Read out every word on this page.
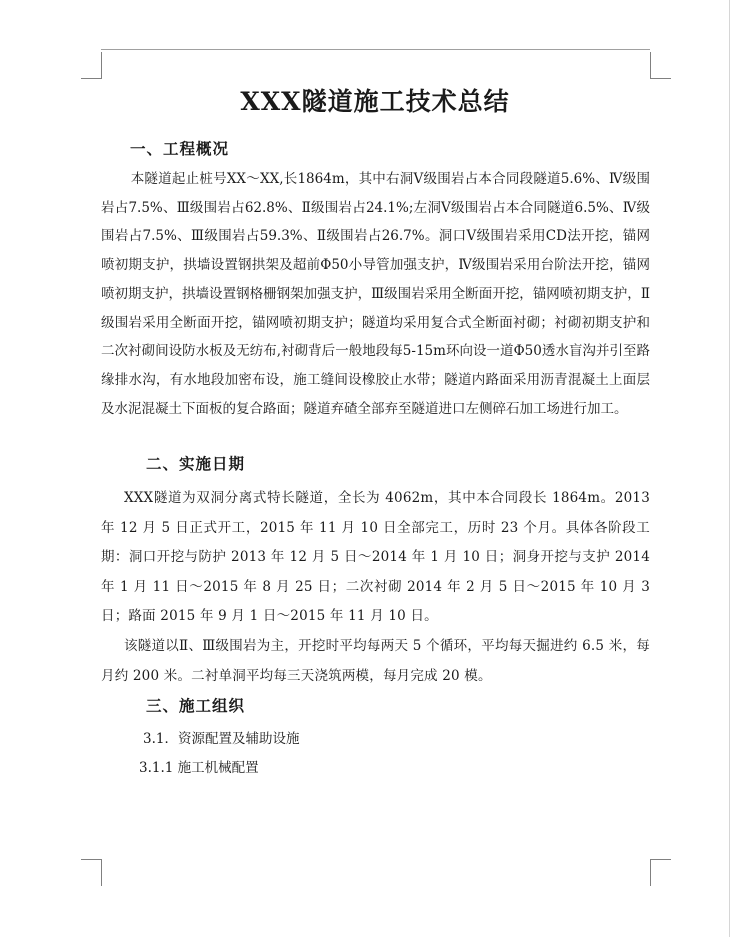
XXX隧道施工技术总结
一、工程概况

本隧道起止桩号XX～XX,长1864m，其中右洞Ⅴ级围岩占本合同段隧道5.6%、Ⅳ级围岩占7.5%、Ⅲ级围岩占62.8%、Ⅱ级围岩占24.1%;左洞Ⅴ级围岩占本合同隧道6.5%、Ⅳ级围岩占7.5%、Ⅲ级围岩占59.3%、Ⅱ级围岩占26.7%。洞口Ⅴ级围岩采用CD法开挖，锚网喷初期支护，拱墙设置钢拱架及超前Φ50小导管加强支护，Ⅳ级围岩采用台阶法开挖，锚网喷初期支护，拱墙设置钢格栅钢架加强支护，Ⅲ级围岩采用全断面开挖，锚网喷初期支护，Ⅱ级围岩采用全断面开挖，锚网喷初期支护；隧道均采用复合式全断面衬砌；衬砌初期支护和二次衬砌间设防水板及无纺布,衬砌背后一般地段每5-15m环向设一道Φ50透水盲沟并引至路缘排水沟，有水地段加密布设，施工缝间设橡胶止水带；隧道内路面采用沥青混凝土上面层及水泥混凝土下面板的复合路面；隧道弃碴全部弃至隧道进口左侧碎石加工场进行加工。

二、实施日期

XXX隧道为双洞分离式特长隧道，全长为 4062m，其中本合同段长 1864m。2013 年 12 月 5 日正式开工，2015 年 11 月 10 日全部完工，历时 23 个月。具体各阶段工期：洞口开挖与防护 2013 年 12 月 5 日～2014 年 1 月 10 日；洞身开挖与支护 2014 年 1 月 11 日～2015 年 8 月 25 日；二次衬砌 2014 年 2 月 5 日～2015 年 10 月 3 日；路面 2015 年 9 月 1 日～2015 年 11 月 10 日。

该隧道以Ⅱ、Ⅲ级围岩为主，开挖时平均每两天 5 个循环，平均每天掘进约 6.5 米，每月约 200 米。二衬单洞平均每三天浇筑两模，每月完成 20 模。

三、施工组织
3.1．资源配置及辅助设施
3.1.1 施工机械配置
